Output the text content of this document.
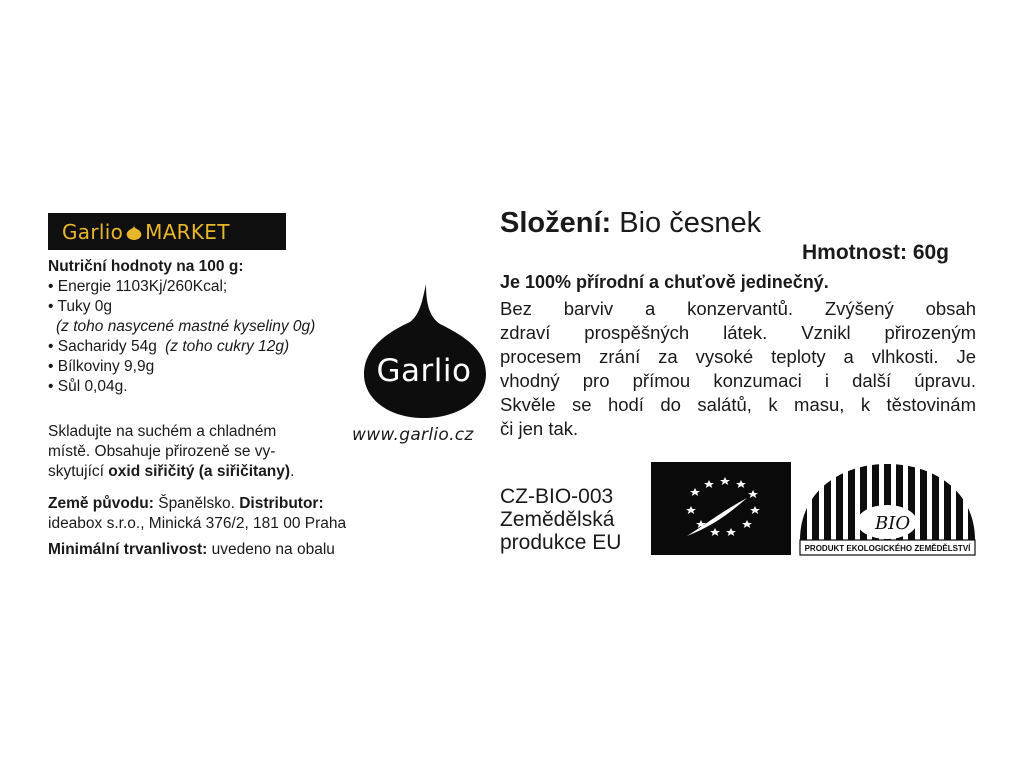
Garlio MARKET
Nutriční hodnoty na 100 g:
• Energie 1103Kj/260Kcal;
• Tuky 0g
(z toho nasycené mastné kyseliny 0g)
• Sacharidy 54g (z toho cukry 12g)
• Bílkoviny 9,9g
• Sůl 0,04g.
Skladujte na suchém a chladném
místě. Obsahuje přirozeně se vy-
skytující oxid siřičitý (a siřičitany).
Země původu: Španělsko. Distributor:
ideabox s.r.o., Minická 376/2, 181 00 Praha
Minimální trvanlivost: uvedeno na obalu
Garlio
www.garlio.cz
Složení: Bio česnek
Hmotnost: 60g
Je 100% přírodní a chuťově jedinečný.
Bez barviv a konzervantů. Zvýšený obsah
zdraví prospěšných látek. Vznikl přirozeným
procesem zrání za vysoké teploty a vlhkosti. Je
vhodný pro přímou konzumaci i další úpravu.
Skvěle se hodí do salátů, k masu, k těstovinám
či jen tak.
CZ-BIO-003
Zemědělská
produkce EU
BIO
PRODUKT EKOLOGICKÉHO ZEMĚDĚLSTVÍ
